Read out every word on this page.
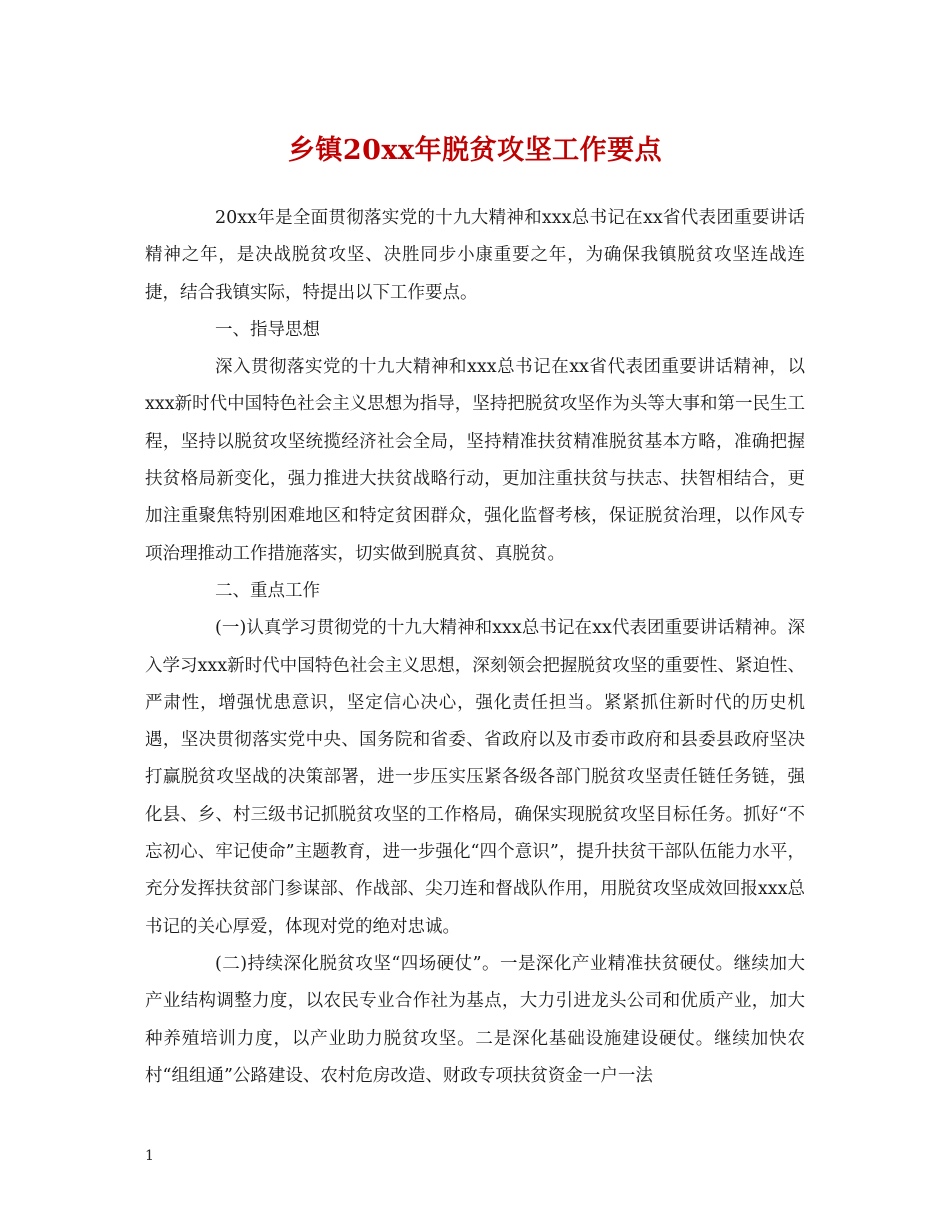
乡镇20xx年脱贫攻坚工作要点

20xx年是全面贯彻落实党的十九大精神和xxx总书记在xx省代表团重要讲话精神之年，是决战脱贫攻坚、决胜同步小康重要之年，为确保我镇脱贫攻坚连战连捷，结合我镇实际，特提出以下工作要点。

一、指导思想

深入贯彻落实党的十九大精神和xxx总书记在xx省代表团重要讲话精神，以xxx新时代中国特色社会主义思想为指导，坚持把脱贫攻坚作为头等大事和第一民生工程，坚持以脱贫攻坚统揽经济社会全局，坚持精准扶贫精准脱贫基本方略，准确把握扶贫格局新变化，强力推进大扶贫战略行动，更加注重扶贫与扶志、扶智相结合，更加注重聚焦特别困难地区和特定贫困群众，强化监督考核，保证脱贫治理，以作风专项治理推动工作措施落实，切实做到脱真贫、真脱贫。

二、重点工作

(一)认真学习贯彻党的十九大精神和xxx总书记在xx代表团重要讲话精神。深入学习xxx新时代中国特色社会主义思想，深刻领会把握脱贫攻坚的重要性、紧迫性、严肃性，增强忧患意识，坚定信心决心，强化责任担当。紧紧抓住新时代的历史机遇，坚决贯彻落实党中央、国务院和省委、省政府以及市委市政府和县委县政府坚决打赢脱贫攻坚战的决策部署，进一步压实压紧各级各部门脱贫攻坚责任链任务链，强化县、乡、村三级书记抓脱贫攻坚的工作格局，确保实现脱贫攻坚目标任务。抓好“不忘初心、牢记使命”主题教育，进一步强化“四个意识”，提升扶贫干部队伍能力水平，充分发挥扶贫部门参谋部、作战部、尖刀连和督战队作用，用脱贫攻坚成效回报xxx总书记的关心厚爱，体现对党的绝对忠诚。

(二)持续深化脱贫攻坚“四场硬仗”。一是深化产业精准扶贫硬仗。继续加大产业结构调整力度，以农民专业合作社为基点，大力引进龙头公司和优质产业，加大种养殖培训力度，以产业助力脱贫攻坚。二是深化基础设施建设硬仗。继续加快农村“组组通”公路建设、农村危房改造、财政专项扶贫资金一户一法

1
